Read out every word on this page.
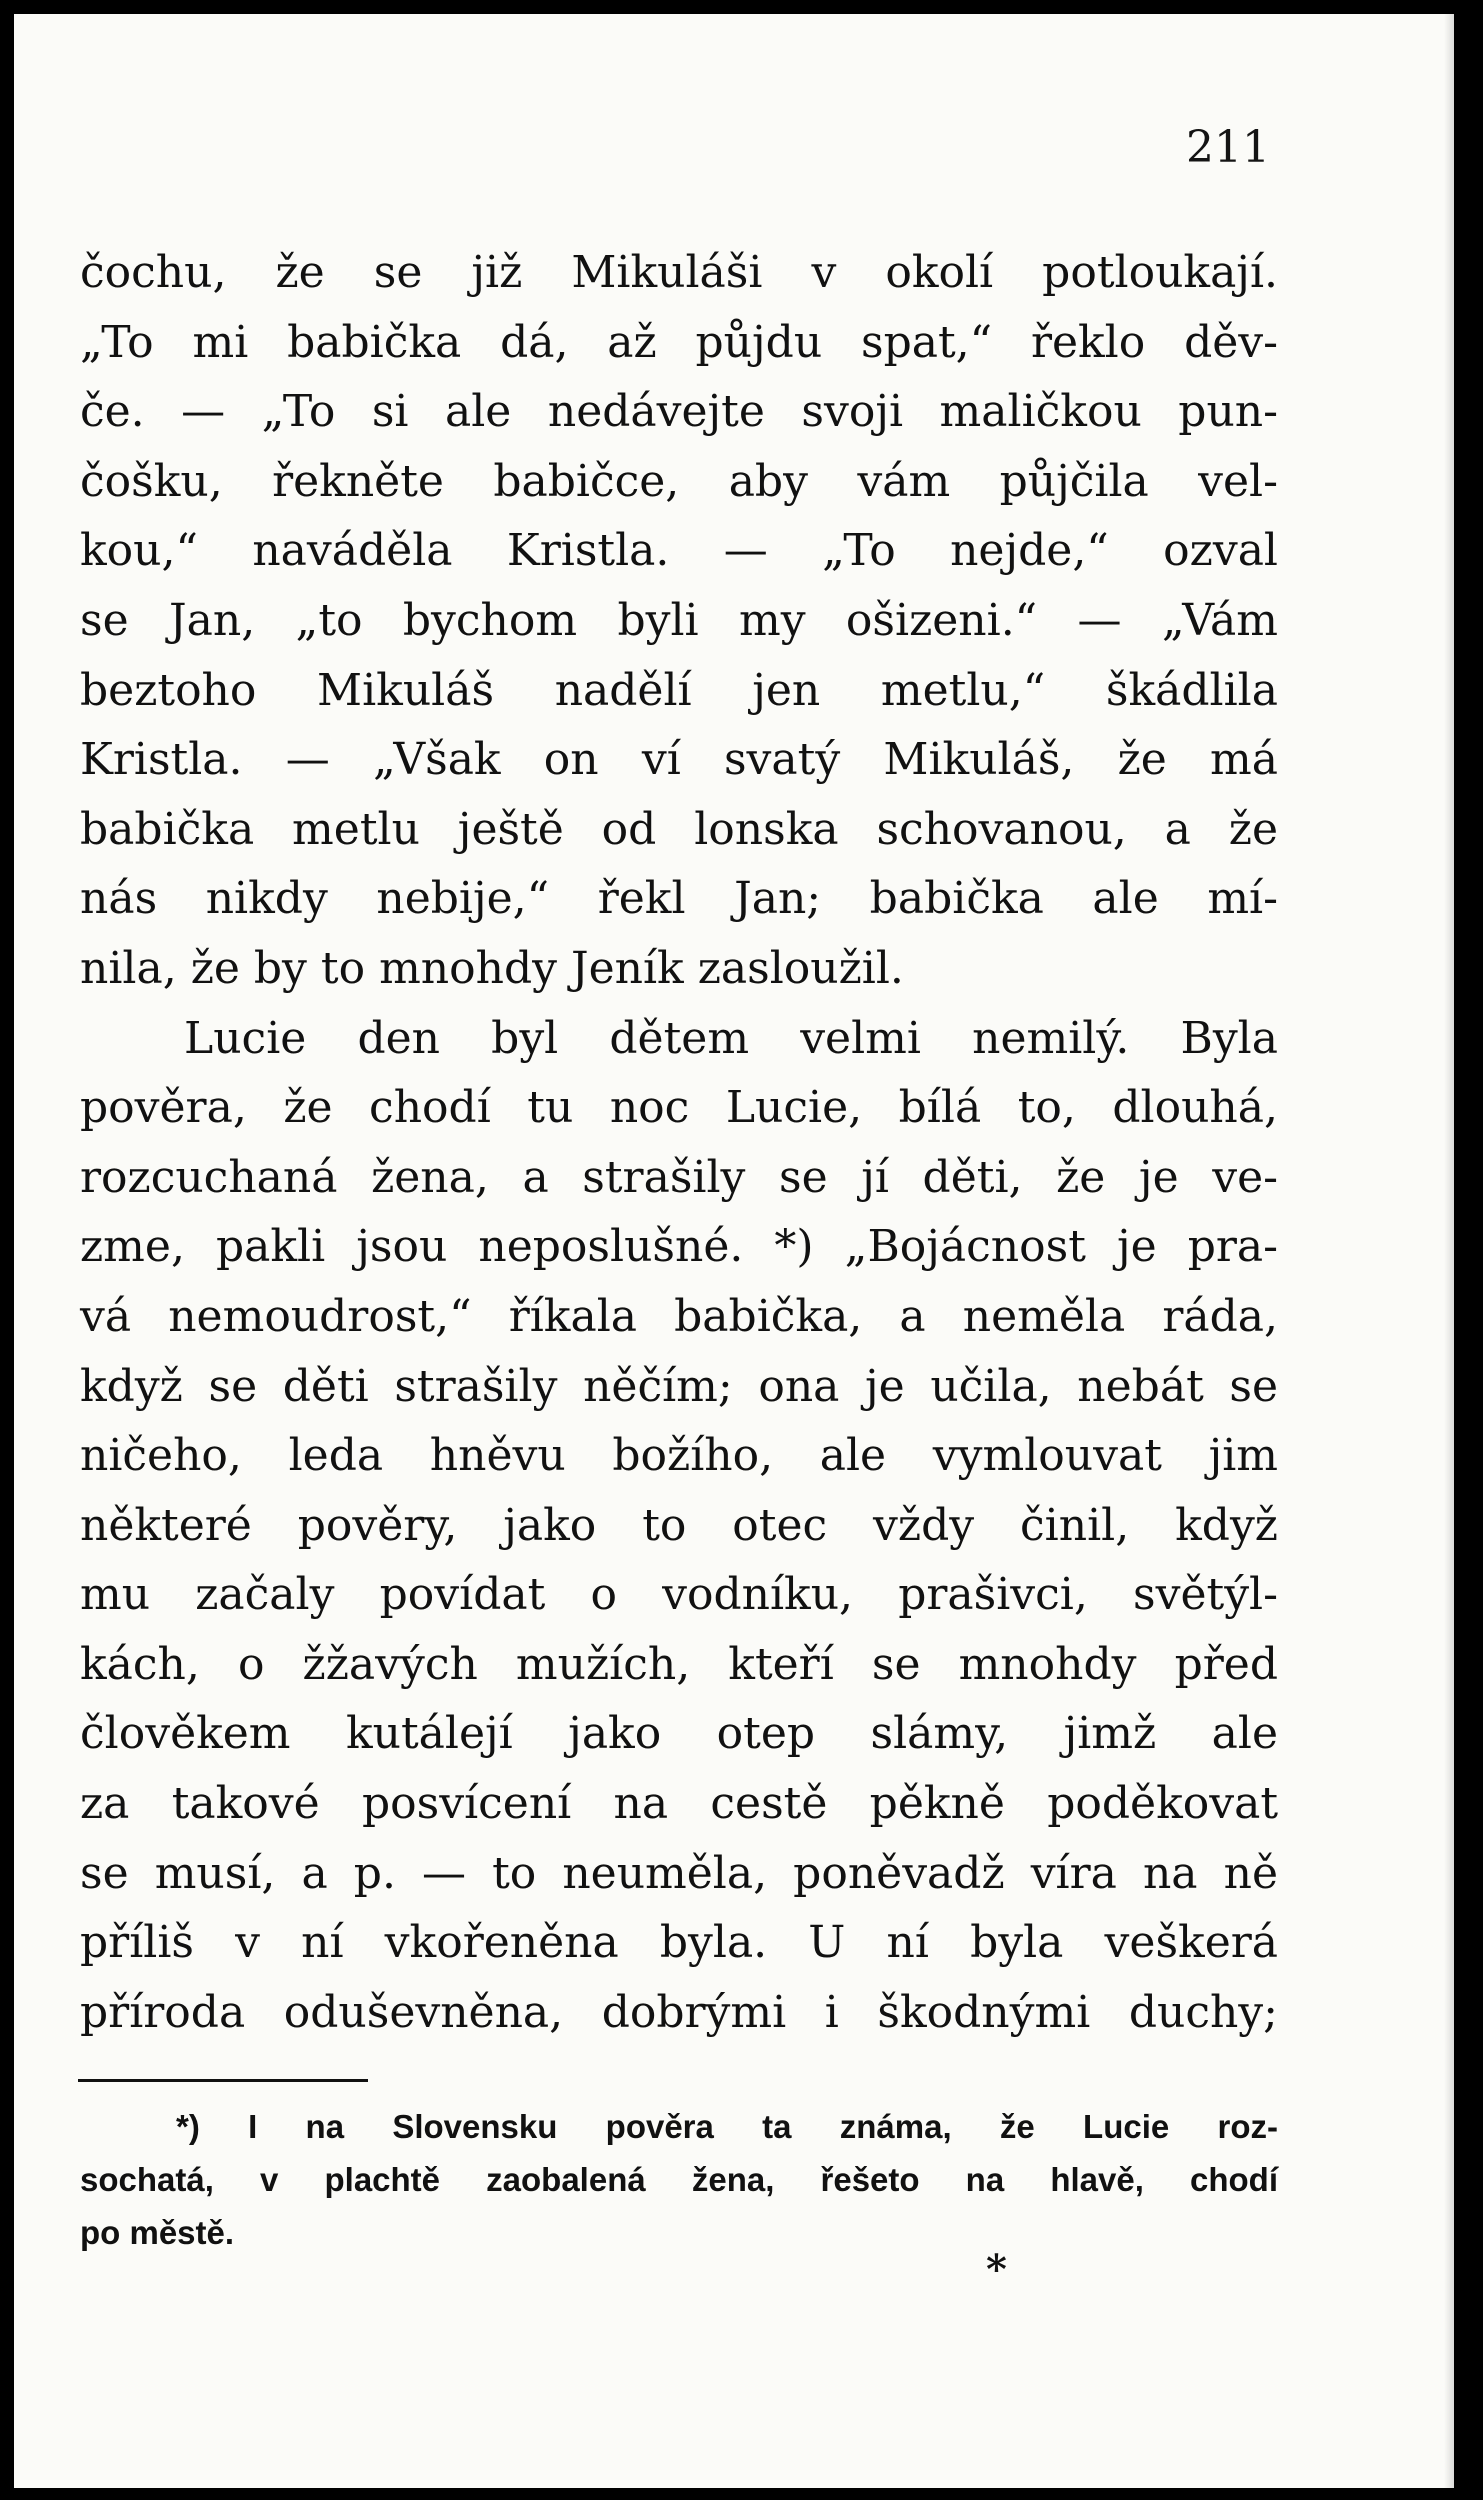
211
čochu, že se již Mikuláši v okolí potloukají.
„To mi babička dá, až půjdu spat,“ řeklo děv-
če. — „To si ale nedávejte svoji maličkou pun-
čošku, řekněte babičce, aby vám půjčila vel-
kou,“ naváděla Kristla. — „To nejde,“ ozval
se Jan, „to bychom byli my ošizeni.“ — „Vám
beztoho Mikuláš nadělí jen metlu,“ škádlila
Kristla. — „Však on ví svatý Mikuláš, že má
babička metlu ještě od lonska schovanou, a že
nás nikdy nebije,“ řekl Jan; babička ale mí-
nila, že by to mnohdy Jeník zasloužil.
Lucie den byl dětem velmi nemilý. Byla
pověra, že chodí tu noc Lucie, bílá to, dlouhá,
rozcuchaná žena, a strašily se jí děti, že je ve-
zme, pakli jsou neposlušné. *) „Bojácnost je pra-
vá nemoudrost,“ říkala babička, a neměla ráda,
když se děti strašily něčím; ona je učila, nebát se
ničeho, leda hněvu božího, ale vymlouvat jim
některé pověry, jako to otec vždy činil, když
mu začaly povídat o vodníku, prašivci, světýl-
kách, o žžavých mužích, kteří se mnohdy před
člověkem kutálejí jako otep slámy, jimž ale
za takové posvícení na cestě pěkně poděkovat
se musí, a p. — to neuměla, poněvadž víra na ně
příliš v ní vkořeněna byla. U ní byla veškerá
příroda oduševněna, dobrými i škodnými duchy;
*) I na Slovensku pověra ta známa, že Lucie roz-
sochatá, v plachtě zaobalená žena, řešeto na hlavě, chodí
po městě.
*
